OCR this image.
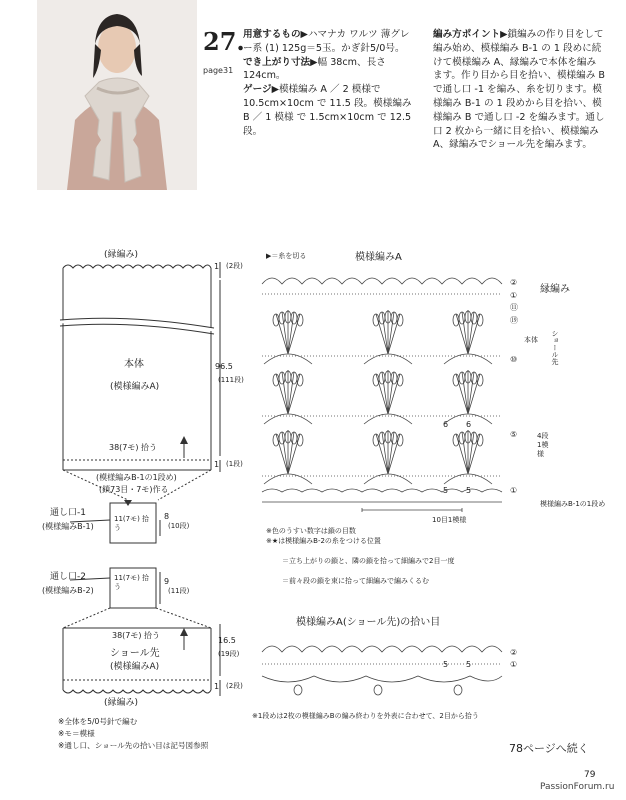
27.
page31

用意するもの▶ハマナカ ワルツ 薄グレー系 (1) 125g＝5玉。かぎ針5/0号。

でき上がり寸法▶幅 38cm、長さ124cm。

ゲージ▶模様編み A ／ 2 模様で 10.5cm×10cm で 11.5 段。模様編み B ／ 1 模様 で 1.5cm×10cm で 12.5 段。

編み方ポイント▶鎖編みの作り目をして編み始め、模様編み B-1 の 1 段めに続けて模様編み A、縁編みで本体を編みます。作り目から目を拾い、模様編み B で通し口 -1 を編み、糸を切ります。模様編み B-1 の 1 段めから目を拾い、模様編み B で通し口 -2 を編みます。通し口 2 枚から一緒に目を拾い、模様編み A、縁編みでショール先を編みます。

(縁編み)
本体
(模様編みA)
38(7モ) 拾う
(模様編みB-1の1段め)
(鎖73目・7モ)作る
1 (2段)
96.5
(111段)
1 (1段)
通し口-1
(模様編みB-1)
11(7モ) 拾う
8
(10段)
通し口-2
(模様編みB-2)
11(7モ) 拾う
9
(11段)
38(7モ) 拾う
ショール先
(模様編みA)
16.5
(19段)
1 (2段)
(縁編み)
▶＝糸を切る	模様編みA
②
①
縁編み
⑪
⑲
本体 ショール先
⑩
⑤	4段1模様
①
模様編みB-1の1段め
6 6
5 5
10目1模様
※色のうすい数字は鎖の目数
※★は模様編みB-2の糸をつける位置
＝立ち上がりの鎖と、隣の鎖を拾って細編みで2目一度
＝前々段の鎖を束に拾って細編みで編みくるむ
模様編みA(ショール先)の拾い目
②
①
5 5
※1段めは2枚の模様編みBの編み終わりを外表に合わせて、2目から拾う
※全体を5/0号針で編む
※モ＝模様
※通し口、ショール先の拾い目は記号図参照	78ページへ続く
79
PassionForum.ru
